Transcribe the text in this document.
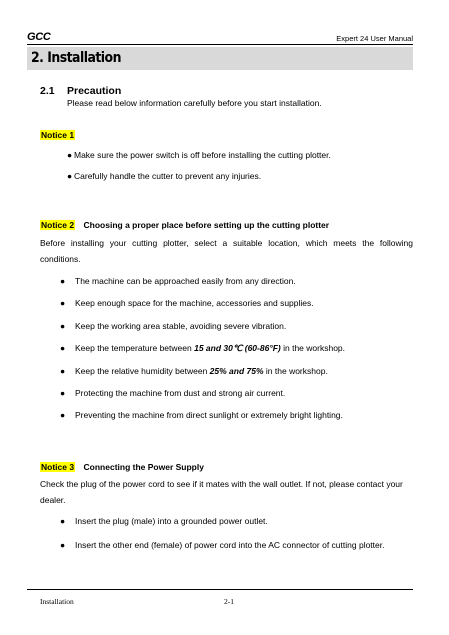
GCC	Expert 24 User Manual
2. Installation
2.1 Precaution
Please read below information carefully before you start installation.
Notice 1
● Make sure the power switch is off before installing the cutting plotter.
● Carefully handle the cutter to prevent any injuries.
Notice 2 Choosing a proper place before setting up the cutting plotter
Before installing your cutting plotter, select a suitable location, which meets the following conditions.
●	The machine can be approached easily from any direction.
●	Keep enough space for the machine, accessories and supplies.
●	Keep the working area stable, avoiding severe vibration.
●	Keep the temperature between 15 and 30℃ (60-86°F) in the workshop.
●	Keep the relative humidity between 25% and 75% in the workshop.
●	Protecting the machine from dust and strong air current.
●	Preventing the machine from direct sunlight or extremely bright lighting.
Notice 3 Connecting the Power Supply
Check the plug of the power cord to see if it mates with the wall outlet. If not, please contact your dealer.
●	Insert the plug (male) into a grounded power outlet.
●	Insert the other end (female) of power cord into the AC connector of cutting plotter.
Installation	2-1
